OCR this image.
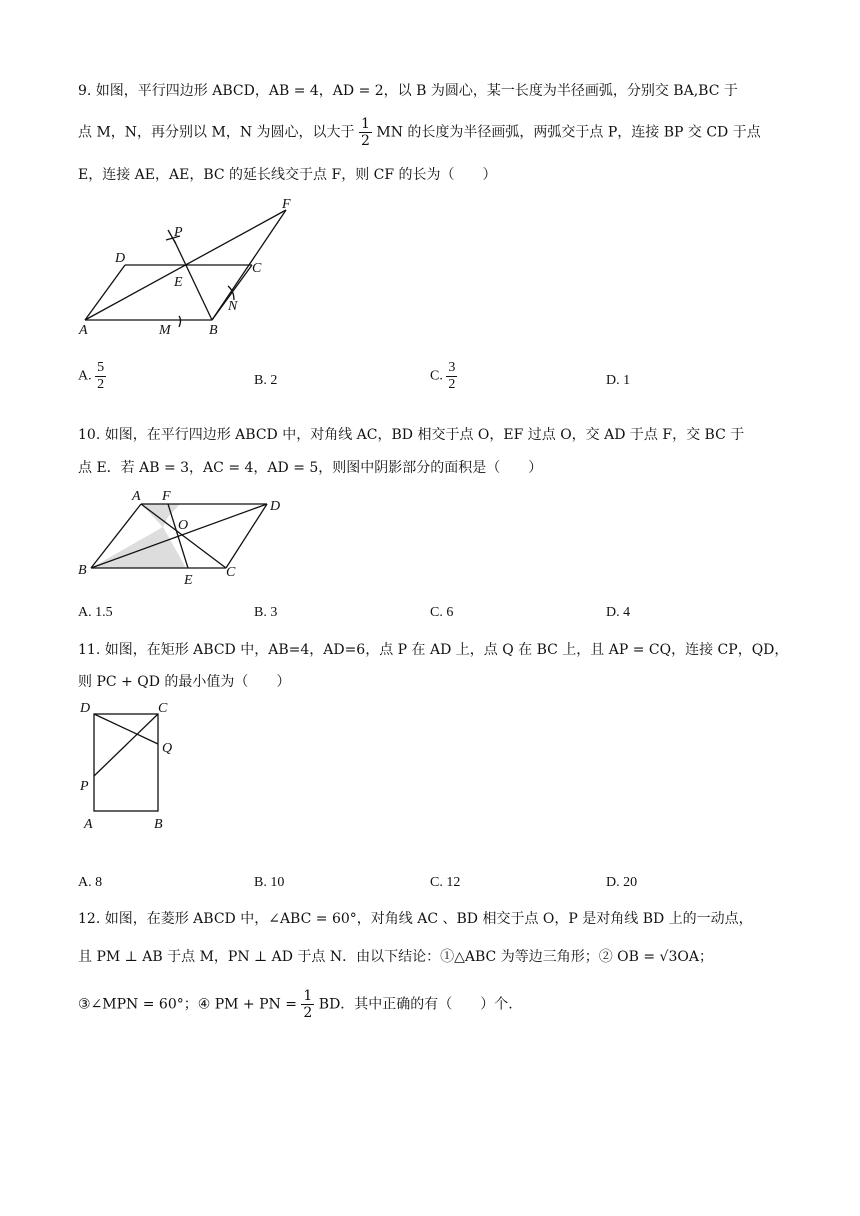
9. 如图，平行四边形 ABCD，AB = 4，AD = 2，以 B 为圆心，某一长度为半径画弧，分别交 BA,BC 于
点 M，N，再分别以 M，N 为圆心，以大于 $\frac{1}{2}$ MN 的长度为半径画弧，两弧交于点 P，连接 BP 交 CD 于点
E，连接 AE，AE，BC 的延长线交于点 F，则 CF 的长为（　　）
F
P
D
C
E
N
A	M	B
A. $\frac{5}{2}$	B. 2	C. $\frac{3}{2}$	D. 1
10. 如图，在平行四边形 ABCD 中，对角线 AC，BD 相交于点 O，EF 过点 O，交 AD 于点 F，交 BC 于
点 E．若 AB = 3，AC = 4，AD = 5，则图中阴影部分的面积是（　　）
A F
D
O
B
E
C
A. 1.5	B. 3	C. 6	D. 4
11. 如图，在矩形 ABCD 中，AB=4，AD=6，点 P 在 AD 上，点 Q 在 BC 上，且 AP = CQ，连接 CP，QD，
则 PC + QD 的最小值为（　　）
D	C
Q
P
A	B
A. 8	B. 10	C. 12	D. 20
12. 如图，在菱形 ABCD 中，∠ABC = 60°，对角线 AC 、BD 相交于点 O，P 是对角线 BD 上的一动点，
且 PM ⊥ AB 于点 M，PN ⊥ AD 于点 N．由以下结论：①△ABC 为等边三角形；② OB = √3OA；
③∠MPN = 60°；④ PM + PN = $\frac{1}{2}$ BD．其中正确的有（　　）个.
